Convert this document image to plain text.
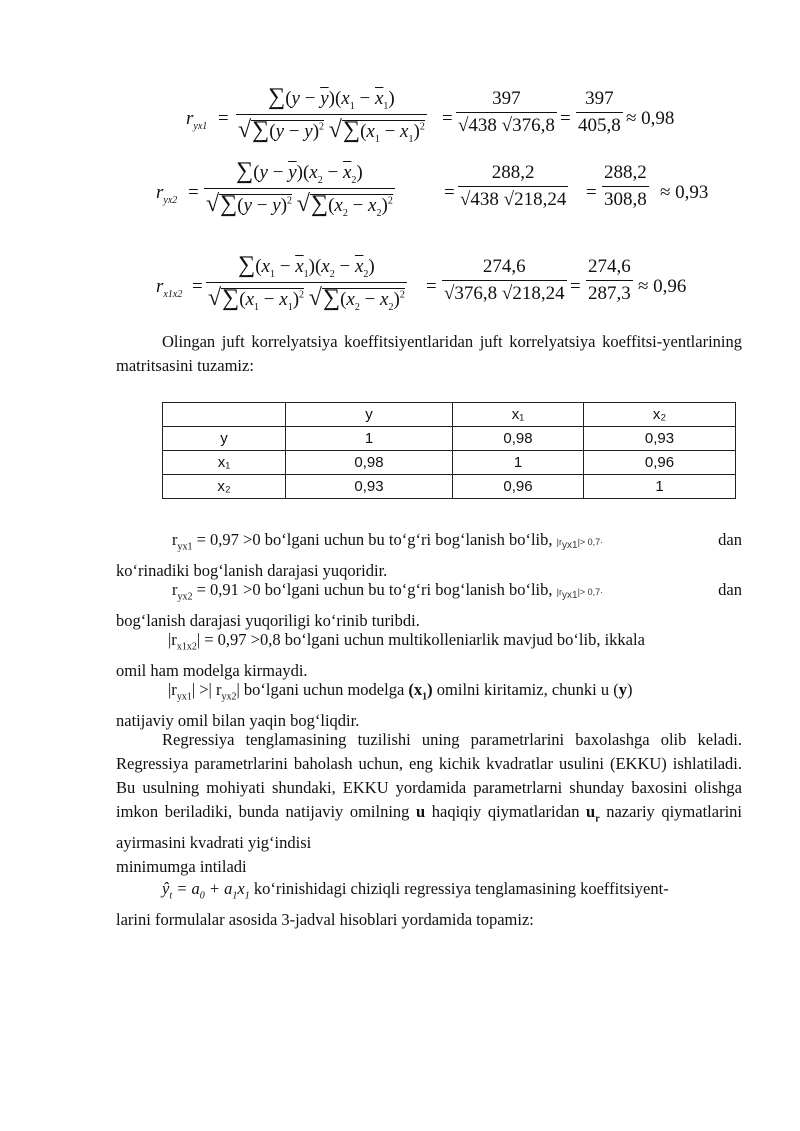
$r_{yx1}$ =
$\sum(y - \overline{y})(x_1 - \overline{x}_1)$
$√\sum(y - \overline{y})^2$ $√\sum(x_1 - \overline{x}_1)^2$ =
397
√438 √376,8 =
397
405,8 ≈ 0,98
$r_{yx2}$ =
$\sum(y - \overline{y})(x_2 - \overline{x}_2)$
$√\sum(y - \overline{y})^2$ $√\sum(x_2 - \overline{x}_2)^2$	=
288,2
√438 √218,24 =
288,2
308,8 ≈ 0,93
$r_{x1x2}$ =
$\sum(x_1 - \overline{x}_1)(x_2 - \overline{x}_2)$
$√\sum(x_1 - \overline{x}_1)^2$ $√\sum(x_2 - \overline{x}_2)^2$ =
274,6
√376,8 √218,24 =
274,6
287,3 ≈ 0,96
Olingan juft korrelyatsiya koeffitsiyentlaridan juft korrelyatsiya koeffitsi-yentlarining matritsasini tuzamiz:
	y	x₁	x₂
y	1	0,98	0,93
x₁	0,98	1	0,96
x₂	0,93	0,96	1
$r_{yx1} = 0,97 >0$ bo‘lgani uchun bu to‘g‘ri bog‘lanish bo‘lib, $|r_{yx1}|> 0,7\cdot$	dan
ko‘rinadiki bog‘lanish darajasi yuqoridir.
$r_{yx2} = 0,91 >0$ bo‘lgani uchun bu to‘g‘ri bog‘lanish bo‘lib, $|r_{yx1}|> 0,7\cdot$	dan
bog‘lanish darajasi yuqoriligi ko‘rinib turibdi.
$|r_{x1x2}| = 0,97 >0,8$ bo‘lgani uchun multikolleniarlik mavjud bo‘lib, ikkala
omil ham modelga kirmaydi.
$|r_{yx1}|$ >| $r_{yx2}|$ bo‘lgani uchun modelga $(x_1)$ omilni kiritamiz, chunki u (y)
natijaviy omil bilan yaqin bog‘liqdir.
Regressiya tenglamasining tuzilishi uning parametrlarini baxolashga olib keladi. Regressiya parametrlarini baholash uchun, eng kichik kvadratlar usulini (EKKU) ishlatiladi. Bu usulning mohiyati shundaki, EKKU yordamida parametrlarni shunday baxosini olishga imkon beriladiki, bunda natijaviy omilning u haqiqiy qiymatlaridan $u_r$ nazariy qiymatlarini ayirmasini kvadrati yig‘indisi
minimumga intiladi
$ŷ_t = a_0 + a_1x_1$ ko‘rinishidagi chiziqli regressiya tenglamasining koeffitsiyent-
larini formulalar asosida 3-jadval hisoblari yordamida topamiz:
